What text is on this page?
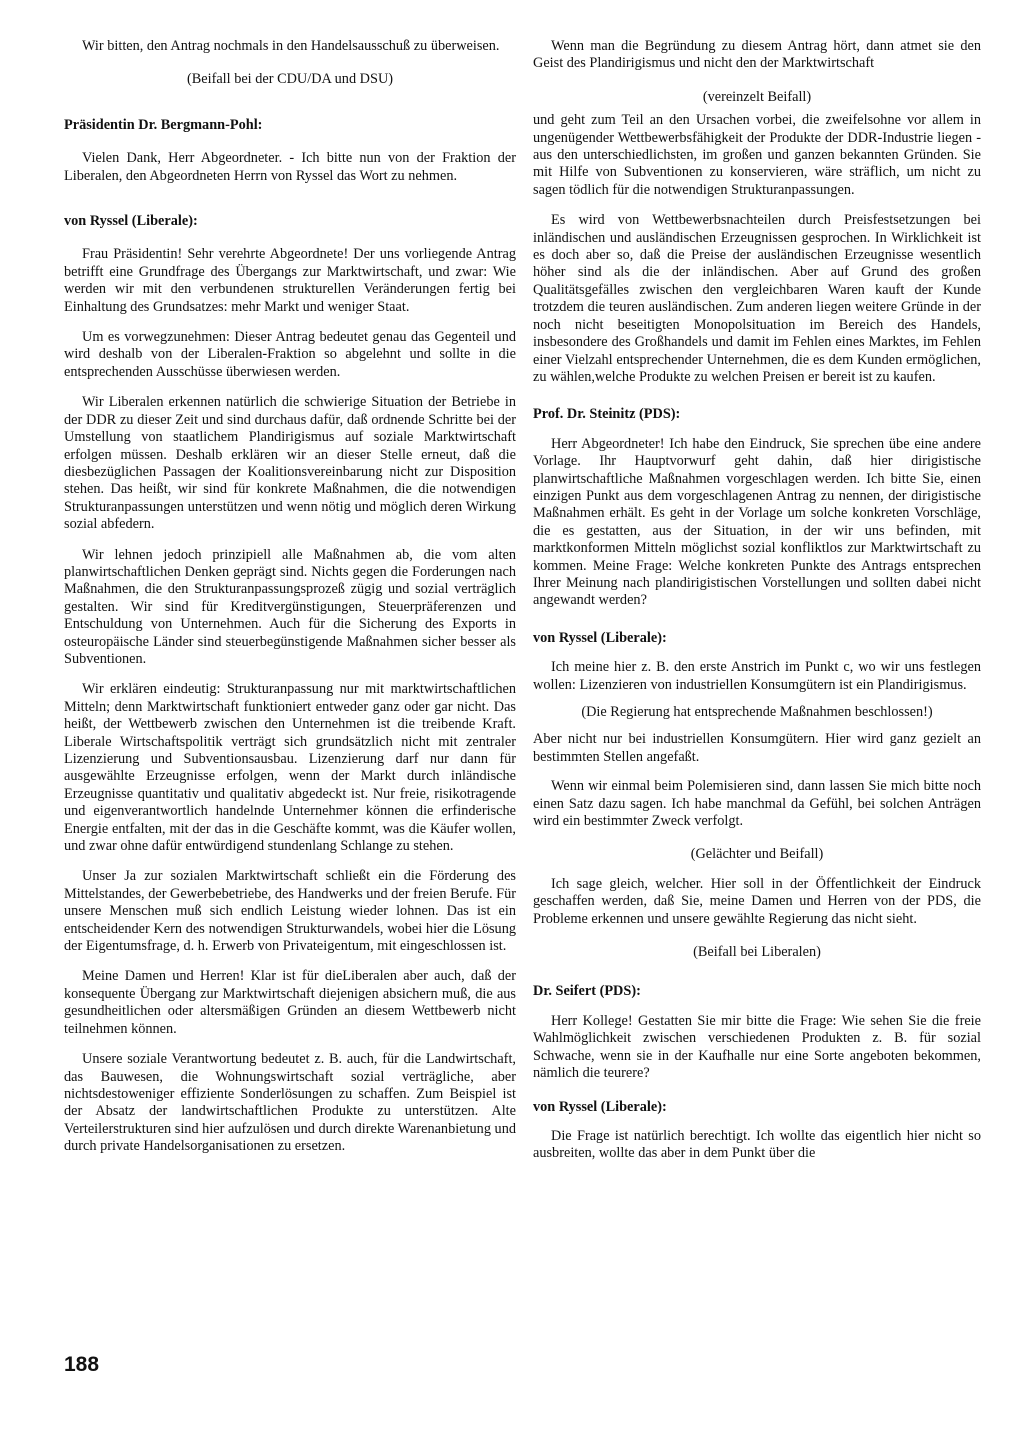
Wir bitten, den Antrag nochmals in den Handelsausschuß zu überweisen.

(Beifall bei der CDU/DA und DSU)

Präsidentin Dr. Bergmann-Pohl:

Vielen Dank, Herr Abgeordneter. - Ich bitte nun von der Fraktion der Liberalen, den Abgeordneten Herrn von Ryssel das Wort zu nehmen.

von Ryssel (Liberale):

Frau Präsidentin! Sehr verehrte Abgeordnete! Der uns vorliegende Antrag betrifft eine Grundfrage des Übergangs zur Marktwirtschaft, und zwar: Wie werden wir mit den verbundenen strukturellen Veränderungen fertig bei Einhaltung des Grundsatzes: mehr Markt und weniger Staat.

Um es vorwegzunehmen: Dieser Antrag bedeutet genau das Gegenteil und wird deshalb von der Liberalen-Fraktion so abgelehnt und sollte in die entsprechenden Ausschüsse überwiesen werden.

Wir Liberalen erkennen natürlich die schwierige Situation der Betriebe in der DDR zu dieser Zeit und sind durchaus dafür, daß ordnende Schritte bei der Umstellung von staatlichem Plandirigismus auf soziale Marktwirtschaft erfolgen müssen. Deshalb erklären wir an dieser Stelle erneut, daß die diesbezüglichen Passagen der Koalitionsvereinbarung nicht zur Disposition stehen. Das heißt, wir sind für konkrete Maßnahmen, die die notwendigen Strukturanpassungen unterstützen und wenn nötig und möglich deren Wirkung sozial abfedern.

Wir lehnen jedoch prinzipiell alle Maßnahmen ab, die vom alten planwirtschaftlichen Denken geprägt sind. Nichts gegen die Forderungen nach Maßnahmen, die den Strukturanpassungsprozeß zügig und sozial verträglich gestalten. Wir sind für Kreditvergünstigungen, Steuerpräferenzen und Entschuldung von Unternehmen. Auch für die Sicherung des Exports in osteuropäische Länder sind steuerbegünstigende Maßnahmen sicher besser als Subventionen.

Wir erklären eindeutig: Strukturanpassung nur mit marktwirtschaftlichen Mitteln; denn Marktwirtschaft funktioniert entweder ganz oder gar nicht. Das heißt, der Wettbewerb zwischen den Unternehmen ist die treibende Kraft. Liberale Wirtschaftspolitik verträgt sich grundsätzlich nicht mit zentraler Lizenzierung und Subventionsausbau. Lizenzierung darf nur dann für ausgewählte Erzeugnisse erfolgen, wenn der Markt durch inländische Erzeugnisse quantitativ und qualitativ abgedeckt ist. Nur freie, risikotragende und eigenverantwortlich handelnde Unternehmer können die erfinderische Energie entfalten, mit der das in die Geschäfte kommt, was die Käufer wollen, und zwar ohne dafür entwürdigend stundenlang Schlange zu stehen.

Unser Ja zur sozialen Marktwirtschaft schließt ein die Förderung des Mittelstandes, der Gewerbebetriebe, des Handwerks und der freien Berufe. Für unsere Menschen muß sich endlich Leistung wieder lohnen. Das ist ein entscheidender Kern des notwendigen Strukturwandels, wobei hier die Lösung der Eigentumsfrage, d. h. Erwerb von Privateigentum, mit eingeschlossen ist.

Meine Damen und Herren! Klar ist für dieLiberalen aber auch, daß der konsequente Übergang zur Marktwirtschaft diejenigen absichern muß, die aus gesundheitlichen oder altersmäßigen Gründen an diesem Wettbewerb nicht teilnehmen können.

Unsere soziale Verantwortung bedeutet z. B. auch, für die Landwirtschaft, das Bauwesen, die Wohnungswirtschaft sozial verträgliche, aber nichtsdestoweniger effiziente Sonderlösungen zu schaffen. Zum Beispiel ist der Absatz der landwirtschaftlichen Produkte zu unterstützen. Alte Verteilerstrukturen sind hier aufzulösen und durch direkte Warenanbietung und durch private Handelsorganisationen zu ersetzen.

Wenn man die Begründung zu diesem Antrag hört, dann atmet sie den Geist des Plandirigismus und nicht den der Marktwirtschaft

(vereinzelt Beifall)

und geht zum Teil an den Ursachen vorbei, die zweifelsohne vor allem in ungenügender Wettbewerbsfähigkeit der Produkte der DDR-Industrie liegen - aus den unterschiedlichsten, im großen und ganzen bekannten Gründen. Sie mit Hilfe von Subventionen zu konservieren, wäre sträflich, um nicht zu sagen tödlich für die notwendigen Strukturanpassungen.

Es wird von Wettbewerbsnachteilen durch Preisfestsetzungen bei inländischen und ausländischen Erzeugnissen gesprochen. In Wirklichkeit ist es doch aber so, daß die Preise der ausländischen Erzeugnisse wesentlich höher sind als die der inländischen. Aber auf Grund des großen Qualitätsgefälles zwischen den vergleichbaren Waren kauft der Kunde trotzdem die teuren ausländischen. Zum anderen liegen weitere Gründe in der noch nicht beseitigten Monopolsituation im Bereich des Handels, insbesondere des Großhandels und damit im Fehlen eines Marktes, im Fehlen einer Vielzahl entsprechender Unternehmen, die es dem Kunden ermöglichen, zu wählen,welche Produkte zu welchen Preisen er bereit ist zu kaufen.

Prof. Dr. Steinitz (PDS):

Herr Abgeordneter! Ich habe den Eindruck, Sie sprechen übe eine andere Vorlage. Ihr Hauptvorwurf geht dahin, daß hier dirigistische planwirtschaftliche Maßnahmen vorgeschlagen werden. Ich bitte Sie, einen einzigen Punkt aus dem vorgeschlagenen Antrag zu nennen, der dirigistische Maßnahmen erhält. Es geht in der Vorlage um solche konkreten Vorschläge, die es gestatten, aus der Situation, in der wir uns befinden, mit marktkonformen Mitteln möglichst sozial konfliktlos zur Marktwirtschaft zu kommen. Meine Frage: Welche konkreten Punkte des Antrags entsprechen Ihrer Meinung nach plandirigistischen Vorstellungen und sollten dabei nicht angewandt werden?

von Ryssel (Liberale):

Ich meine hier z. B. den erste Anstrich im Punkt c, wo wir uns festlegen wollen: Lizenzieren von industriellen Konsumgütern ist ein Plandirigismus.

(Die Regierung hat entsprechende Maßnahmen beschlossen!)

Aber nicht nur bei industriellen Konsumgütern. Hier wird ganz gezielt an bestimmten Stellen angefaßt.

Wenn wir einmal beim Polemisieren sind, dann lassen Sie mich bitte noch einen Satz dazu sagen. Ich habe manchmal da Gefühl, bei solchen Anträgen wird ein bestimmter Zweck verfolgt.

(Gelächter und Beifall)

Ich sage gleich, welcher. Hier soll in der Öffentlichkeit der Eindruck geschaffen werden, daß Sie, meine Damen und Herren von der PDS, die Probleme erkennen und unsere gewählte Regierung das nicht sieht.

(Beifall bei Liberalen)

Dr. Seifert (PDS):

Herr Kollege! Gestatten Sie mir bitte die Frage: Wie sehen Sie die freie Wahlmöglichkeit zwischen verschiedenen Produkten z. B. für sozial Schwache, wenn sie in der Kaufhalle nur eine Sorte angeboten bekommen, nämlich die teurere?

von Ryssel (Liberale):

Die Frage ist natürlich berechtigt. Ich wollte das eigentlich hier nicht so ausbreiten, wollte das aber in dem Punkt über die

188
